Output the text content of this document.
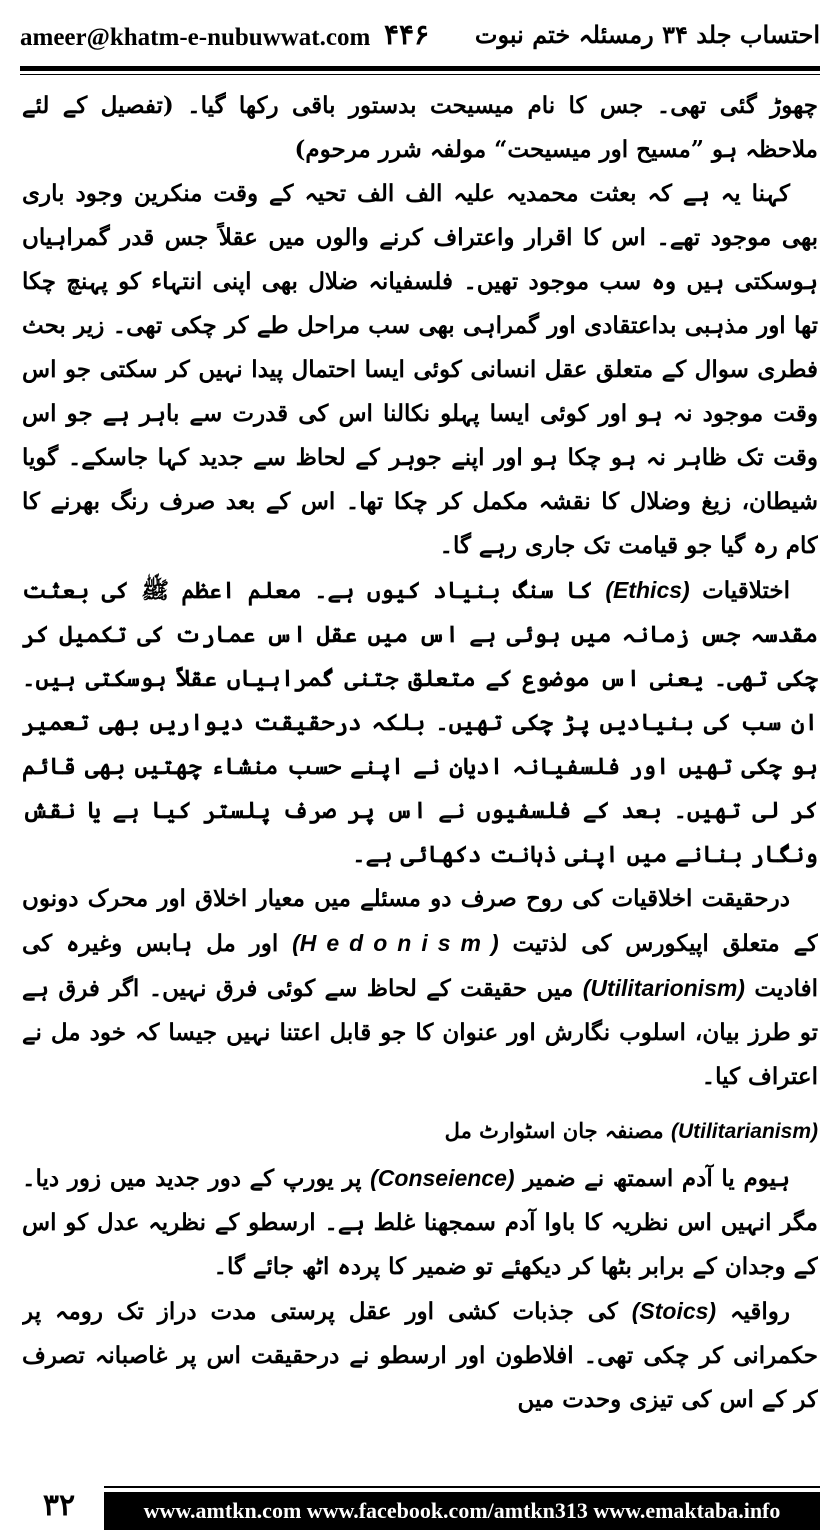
ameer@khatm-e-nubuwwat.com ۴۴۶ احتساب جلد ۳۴ رمسئلہ ختم نبوت

چھوڑ گئی تھی۔ جس کا نام میسیحت بدستور باقی رکھا گیا۔ (تفصیل کے لئے ملاحظہ ہو ”مسیح اور میسیحت“ مولفہ شرر مرحوم)

کہنا یہ ہے کہ بعثت محمدیہ علیہ الف الف تحیہ کے وقت منکرین وجود باری بھی موجود تھے۔ اس کا اقرار واعتراف کرنے والوں میں عقلاً جس قدر گمراہیاں ہوسکتی ہیں وہ سب موجود تھیں۔ فلسفیانہ ضلال بھی اپنی انتہاء کو پہنچ چکا تھا اور مذہبی بداعتقادی اور گمراہی بھی سب مراحل طے کر چکی تھی۔ زیر بحث فطری سوال کے متعلق عقل انسانی کوئی ایسا احتمال پیدا نہیں کر سکتی جو اس وقت موجود نہ ہو اور کوئی ایسا پہلو نکالنا اس کی قدرت سے باہر ہے جو اس وقت تک ظاہر نہ ہو چکا ہو اور اپنے جوہر کے لحاظ سے جدید کہا جاسکے۔ گویا شیطان، زیغ وضلال کا نقشہ مکمل کر چکا تھا۔ اس کے بعد صرف رنگ بھرنے کا کام رہ گیا جو قیامت تک جاری رہے گا۔

اختلاقیات (Ethics) کا سنگ بنیاد کیوں ہے۔ معلم اعظم ﷺ کی بعثت مقدسہ جس زمانہ میں ہوئی ہے اس میں عقل اس عمارت کی تکمیل کر چکی تھی۔ یعنی اس موضوع کے متعلق جتنی گمراہیاں عقلاً ہوسکتی ہیں۔ ان سب کی بنیادیں پڑ چکی تھیں۔ بلکہ درحقیقت دیواریں بھی تعمیر ہو چکی تھیں اور فلسفیانہ ادیان نے اپنے حسب منشاء چھتیں بھی قائم کر لی تھیں۔ بعد کے فلسفیوں نے اس پر صرف پلستر کیا ہے یا نقش ونگار بنانے میں اپنی ذہانت دکھائی ہے۔

درحقیقت اخلاقیات کی روح صرف دو مسئلے میں معیار اخلاق اور محرک دونوں کے متعلق اپیکورس کی لذتیت (Hedonism) اور مل ہابس وغیرہ کی افادیت (Utilitarionism) میں حقیقت کے لحاظ سے کوئی فرق نہیں۔ اگر فرق ہے تو طرز بیان، اسلوب نگارش اور عنوان کا جو قابل اعتنا نہیں جیسا کہ خود مل نے اعتراف کیا۔

(Utilitarianism) مصنفہ جان اسٹوارٹ مل

ہیوم یا آدم اسمتھ نے ضمیر (Conseience) پر یورپ کے دور جدید میں زور دیا۔ مگر انہیں اس نظریہ کا باوا آدم سمجھنا غلط ہے۔ ارسطو کے نظریہ عدل کو اس کے وجدان کے برابر بٹھا کر دیکھئے تو ضمیر کا پردہ اٹھ جائے گا۔

رواقیہ (Stoics) کی جذبات کشی اور عقل پرستی مدت دراز تک رومہ پر حکمرانی کر چکی تھی۔ افلاطون اور ارسطو نے درحقیقت اس پر غاصبانہ تصرف کر کے اس کی تیزی وحدت میں

www.amtkn.com www.facebook.com/amtkn313 www.emaktaba.info
۳۲
